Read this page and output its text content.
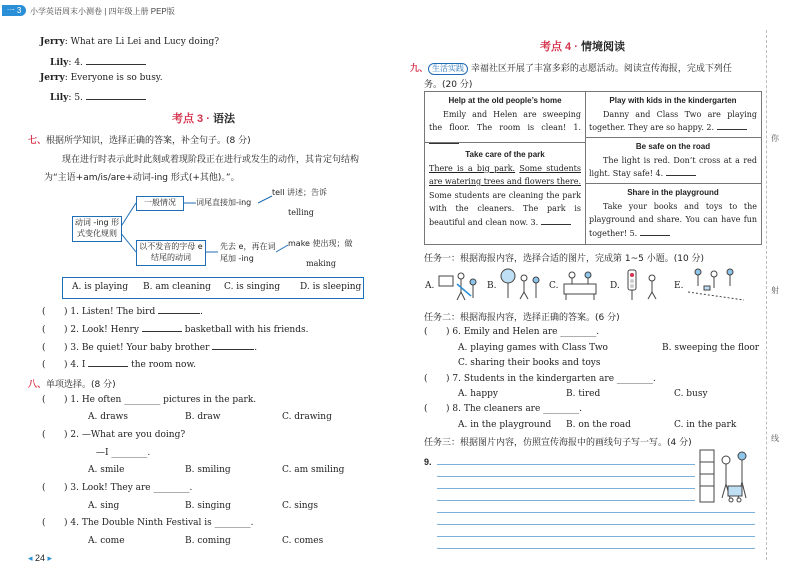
一 3	小学英语周末小测卷 | 四年级上册 PEP版
Jerry: What are Li Lei and Lucy doing?
Lily: 4.
Jerry: Everyone is so busy.
Lily: 5.
考点 3 · 语法
七、根据所学知识，选择正确的答案，补全句子。(8 分)
现在进行时表示此时此刻或着现阶段正在进行或发生的动作，其肯定句结构
为“主语+am/is/are+动词-ing 形式(+其他)。”。
动词 -ing 形式变化规则
一般情况	词尾直接加-ing
tell 讲述；告诉
telling
以不发音的字母 e 结尾的动词
先去 e，再在词尾加 -ing
make 使出现；做
making
A. is playing B. am cleaning C. is singing D. is sleeping
( ) 1. Listen! The bird	.
( ) 2. Look! Henry	basketball with his friends.
( ) 3. Be quiet! Your baby brother	.
( ) 4. I	the room now.
八、单项选择。(8 分)
( ) 1. He often ________ pictures in the park.
A. draws	B. draw	C. drawing
( ) 2. —What are you doing?
—I ________.
A. smile	B. smiling	C. am smiling
( ) 3. Look! They are ________.
A. sing	B. singing	C. sings
( ) 4. The Double Ninth Festival is ________.
A. come	B. coming	C. comes
◂ 24 ▸
考点 4 · 情境阅读
九、 生活实践 幸福社区开展了丰富多彩的志愿活动。阅读宣传海报，完成下列任
务。(20 分)
Help at the old people’s home
Emily and Helen are sweeping the floor. The room is clean! 1.
Play with kids in the kindergarten
Danny and Class Two are playing together. They are so happy. 2.
Take care of the park
There is a big park. Some students are watering trees and flowers there. Some students are cleaning the park with the cleaners. The park is beautiful and clean now. 3.
Be safe on the road
The light is red. Don’t cross at a red light. Stay safe! 4.
Share in the playground
Take your books and toys to the playground and share. You can have fun together! 5.
任务一：根据海报内容，选择合适的图片，完成第 1~5 小题。(10 分)
A.	B.	C.	D.	E.
任务二：根据海报内容，选择正确的答案。(6 分)
( ) 6. Emily and Helen are ________.
A. playing games with Class Two	B. sweeping the floor
C. sharing their books and toys
( ) 7. Students in the kindergarten are ________.
A. happy	B. tired	C. busy
( ) 8. The cleaners are ________.
A. in the playground B. on the road	C. in the park
任务三：根据图片内容，仿照宣传海报中的画线句子写一写。(4 分)
9.
你
射
线
